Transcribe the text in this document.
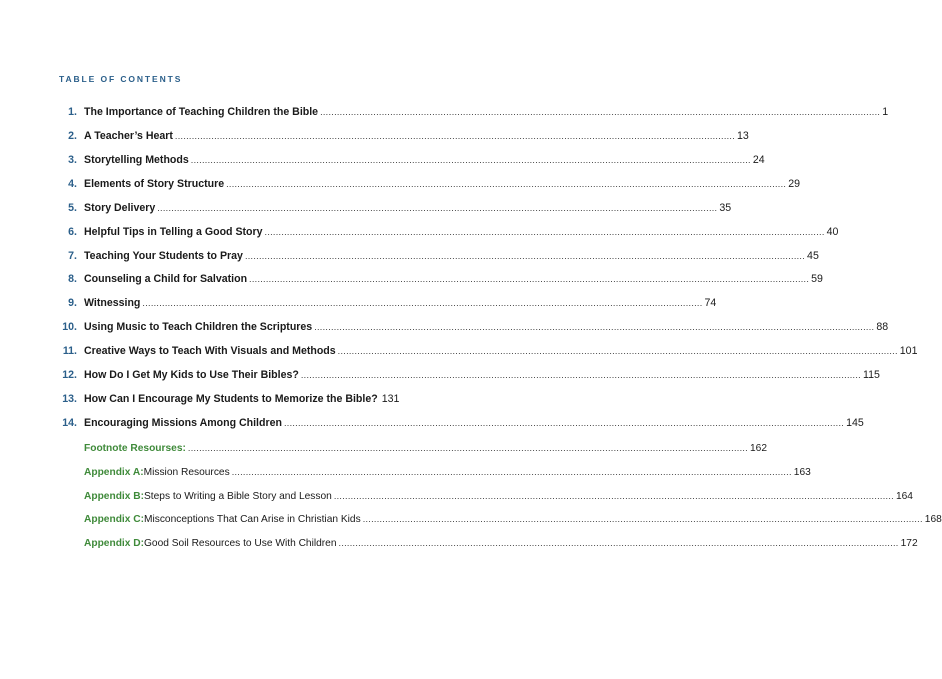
TABLE OF CONTENTS
1. The Importance of Teaching Children the Bible .....	1
2. A Teacher’s Heart .....	13
3. Storytelling Methods .....	24
4. Elements of Story Structure .....	29
5. Story Delivery .....	35
6. Helpful Tips in Telling a Good Story .....	40
7. Teaching Your Students to Pray .....	45
8. Counseling a Child for Salvation .....	59
9. Witnessing .....	74
10. Using Music to Teach Children the Scriptures .....	88
11. Creative Ways to Teach With Visuals and Methods .....	101
12. How Do I Get My Kids to Use Their Bibles? .....	115
13. How Can I Encourage My Students to Memorize the Bible? 131
14. Encouraging Missions Among Children .....	145
Footnote Resourses: .....	162
Appendix A: Mission Resources .....	163
Appendix B: Steps to Writing a Bible Story and Lesson .....	164
Appendix C: Misconceptions That Can Arise in Christian Kids .....	168
Appendix D: Good Soil Resources to Use With Children .....	172
